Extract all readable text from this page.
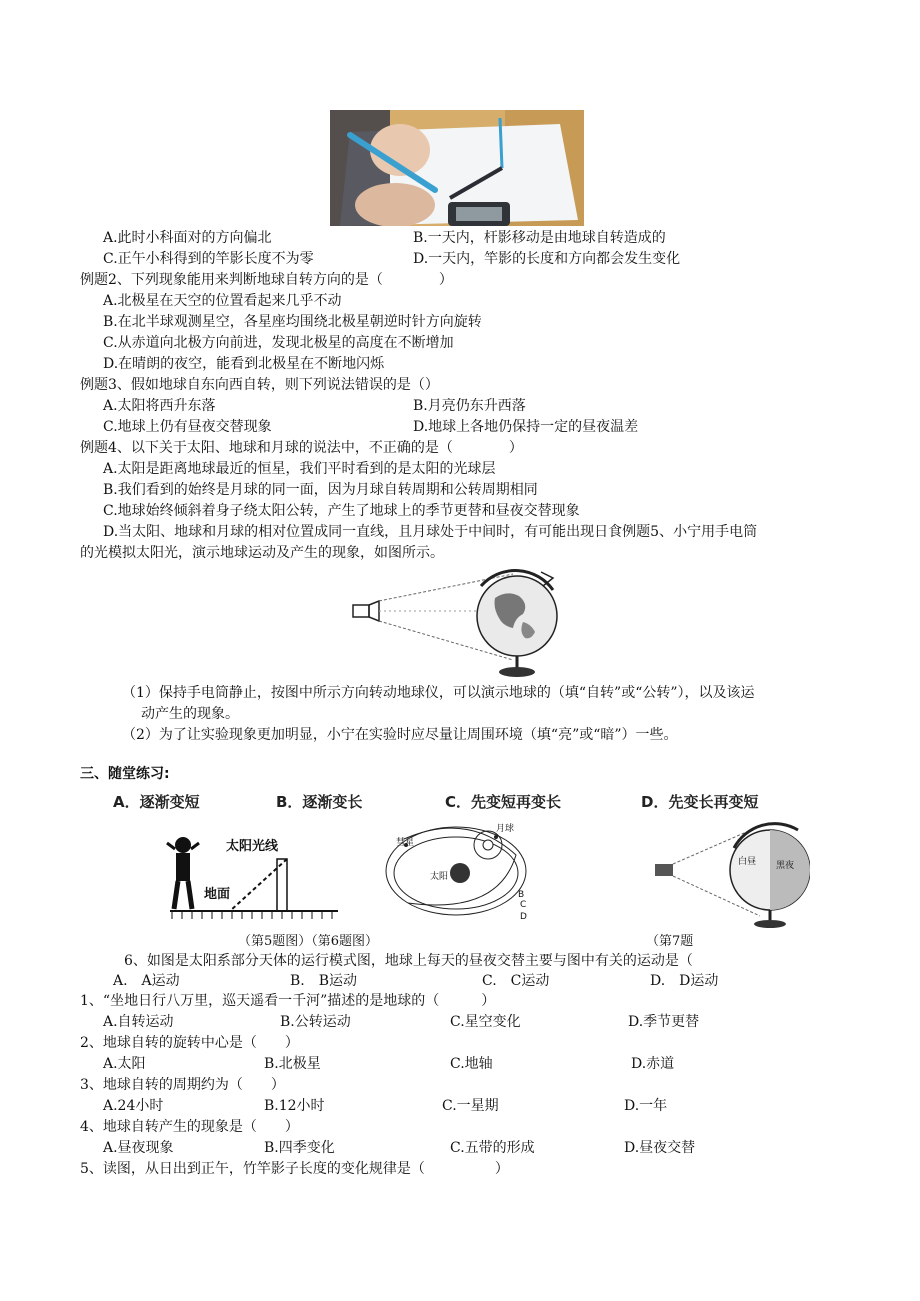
A.此时小科面对的方向偏北	B.一天内，杆影移动是由地球自转造成的
C.正午小科得到的竿影长度不为零	D.一天内，竿影的长度和方向都会发生变化
例题2、下列现象能用来判断地球自转方向的是（　　　　）
A.北极星在天空的位置看起来几乎不动
B.在北半球观测星空，各星座均围绕北极星朝逆时针方向旋转
C.从赤道向北极方向前进，发现北极星的高度在不断增加
D.在晴朗的夜空，能看到北极星在不断地闪烁
例题3、假如地球自东向西自转，则下列说法错误的是（）
A.太阳将西升东落	B.月亮仍东升西落
C.地球上仍有昼夜交替现象	D.地球上各地仍保持一定的昼夜温差
例题4、以下关于太阳、地球和月球的说法中，不正确的是（　　　　）
A.太阳是距离地球最近的恒星，我们平时看到的是太阳的光球层
B.我们看到的始终是月球的同一面，因为月球自转周期和公转周期相同
C.地球始终倾斜着身子绕太阳公转，产生了地球上的季节更替和昼夜交替现象
D.当太阳、地球和月球的相对位置成同一直线，且月球处于中间时，有可能出现日食例题5、小宁用手电筒
的光模拟太阳光，演示地球运动及产生的现象，如图所示。
（1）保持手电筒静止，按图中所示方向转动地球仪，可以演示地球的（填“自转”或“公转”），以及该运
动产生的现象。
（2）为了让实验现象更加明显，小宁在实验时应尽量让周围环境（填“亮”或“暗”）一些。
三、随堂练习:
A．逐渐变短	B．逐渐变长	C．先变短再变长	D．先变长再变短
太阳光线
地面
彗星
月球
太阳
B
C
D
白昼 黑夜
（第5题图）（第6题图）	（第7题
6、如图是太阳系部分天体的运行模式图，地球上每天的昼夜交替主要与图中有关的运动是（
A.　A运动	B.　B运动	C.　C运动	D.　D运动
1、“坐地日行八万里，巡天遥看一千河”描述的是地球的（　　　）
A.自转运动	B.公转运动	C.星空变化	D.季节更替
2、地球自转的旋转中心是（　　）
A.太阳	B.北极星	C.地轴	D.赤道
3、地球自转的周期约为（　　）
A.24小时	B.12小时	C.一星期	D.一年
4、地球自转产生的现象是（　　）
A.昼夜现象	B.四季变化	C.五带的形成	D.昼夜交替
5、读图，从日出到正午，竹竿影子长度的变化规律是（　　　　　）
